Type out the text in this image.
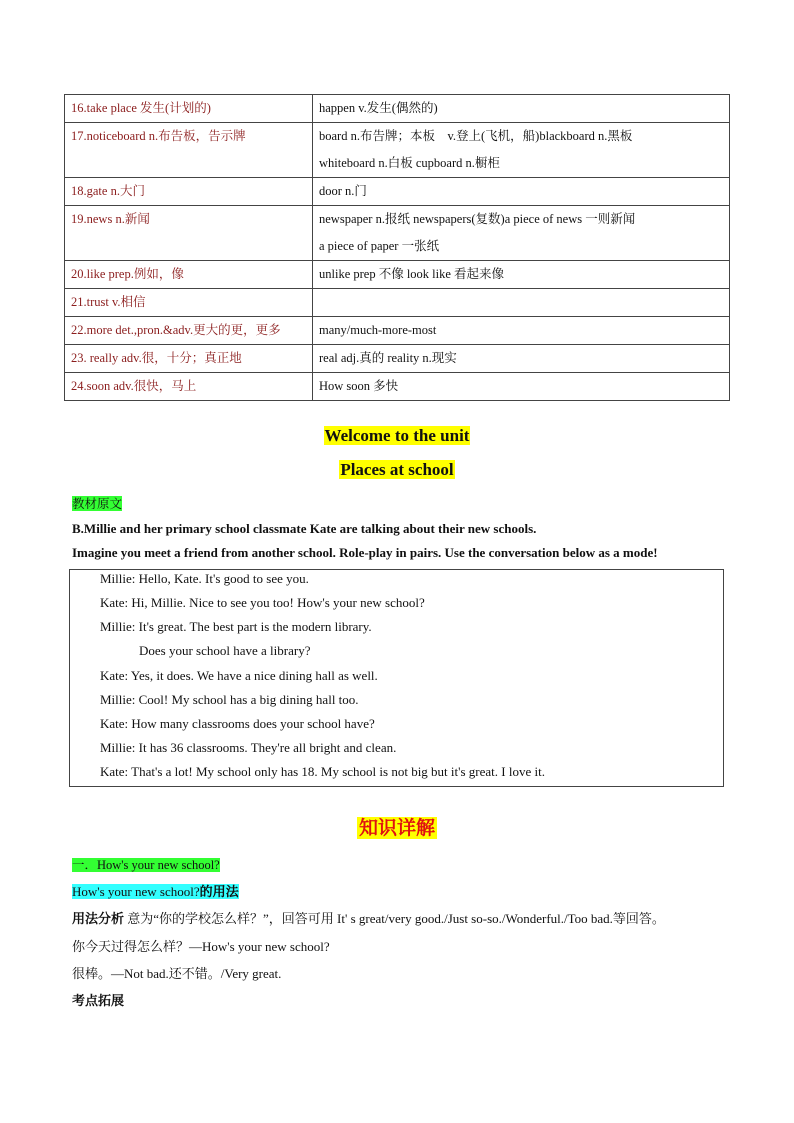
16.take place 发生(计划的)	happen v.发生(偶然的)

17.noticeboard n.布告板，告示牌	board n.布告牌；本板　v.登上(飞机，船)blackboard n.黑板
whiteboard n.白板 cupboard n.橱柜

18.gate n.大门	door n.门

19.news n.新闻	newspaper n.报纸 newspapers(复数)a piece of news 一则新闻
a piece of paper 一张纸

20.like prep.例如，像	unlike prep 不像 look like 看起来像

21.trust v.相信	

22.more det.,pron.&adv.更大的更，更多	many/much-more-most

23. really adv.很，十分；真正地	real adj.真的 reality n.现实

24.soon adv.很快，马上	How soon 多快
Welcome to the unit
Places at school
教材原文
B.Millie and her primary school classmate Kate are talking about their new schools.
Imagine you meet a friend from another school. Role-play in pairs. Use the conversation below as a mode!
Millie: Hello, Kate. It's good to see you.
Kate: Hi, Millie. Nice to see you too! How's your new school?
Millie: It's great. The best part is the modern library.
Does your school have a library?
Kate: Yes, it does. We have a nice dining hall as well.
Millie: Cool! My school has a big dining hall too.
Kate: How many classrooms does your school have?
Millie: It has 36 classrooms. They're all bright and clean.
Kate: That's a lot! My school only has 18. My school is not big but it's great. I love it.
知识详解
一．How's your new school?
How's your new school?的用法
用法分析 意为“你的学校怎么样？”，回答可用 It' s great/very good./Just so-so./Wonderful./Too bad.等回答。
你今天过得怎么样？—How's your new school?
很棒。—Not bad.还不错。/Very great.
考点拓展
